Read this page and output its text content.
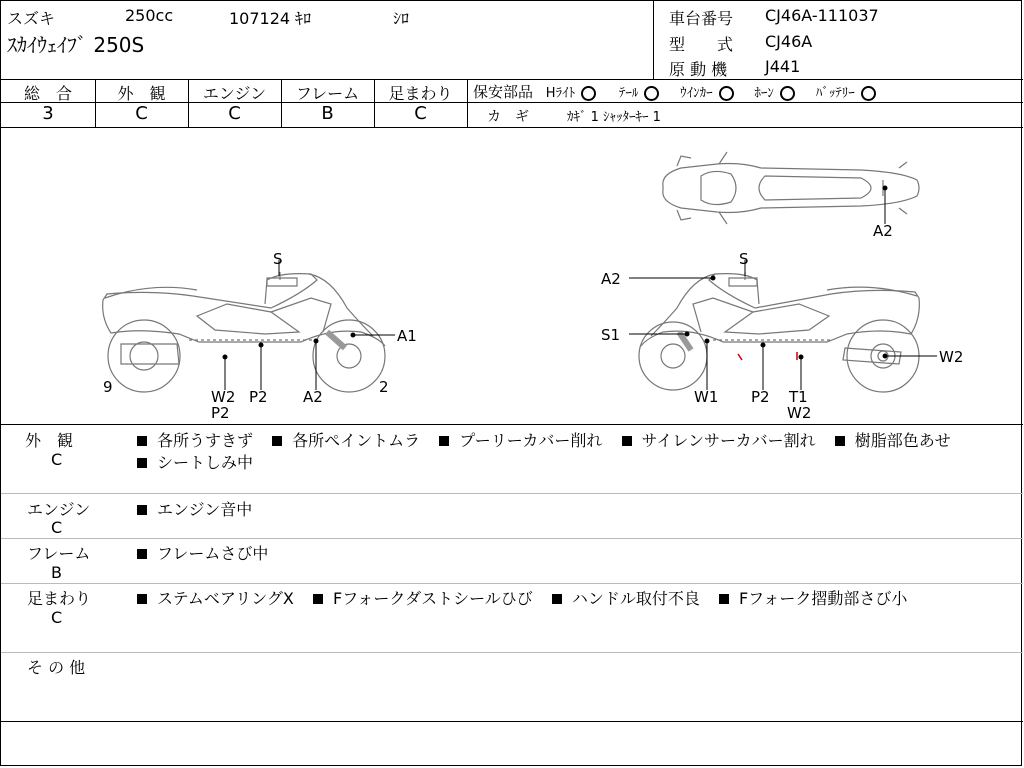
スズキ	250cc	107124 ｷﾛ	ｼﾛ
ｽｶｲｳｪｲﾌﾞ 250S
車台番号 CJ46A-111037
型　　式 CJ46A
原 動 機 J441
総　合	外　観	エンジン	フレーム	足まわり
3	C	C	B	C
保安部品 Hﾗｲﾄ	ﾃｰﾙ	ｳｲﾝｶｰ	ﾎｰﾝ	ﾊﾞｯﾃﾘｰ
カ　ギ	ｶｷﾞ 1 ｼｬｯﾀｰｷｰ 1
S
A1
W2
P2
P2 A2
9	2
A2
A2
S
S1
W2
W1 P2 T1
W2
外　観
C
各所うすきず 各所ペイントムラ プーリーカバー削れ サイレンサーカバー割れ 樹脂部色あせ
シートしみ中
エンジン
C
エンジン音中
フレーム
B
フレームさび中
足まわり
C
ステムベアリングX Fフォークダストシールひび ハンドル取付不良 Fフォーク摺動部さび小
そ の 他
